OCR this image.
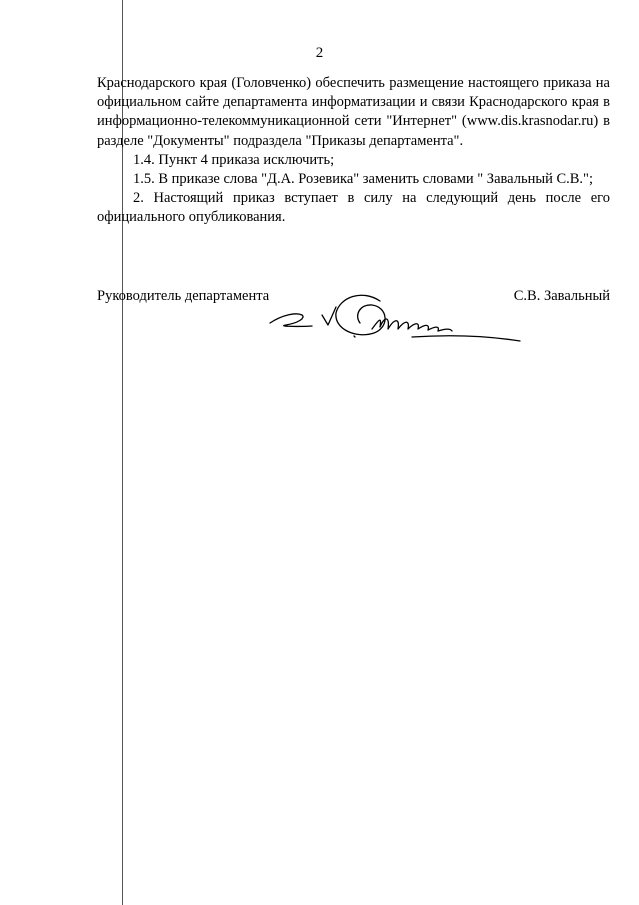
2

Краснодарского края (Головченко) обеспечить размещение настоящего приказа на официальном сайте департамента информатизации и связи Краснодарского края в информационно-телекоммуникационной сети "Интернет" (www.dis.krasnodar.ru) в разделе "Документы" подраздела "Приказы департамента".

1.4. Пункт 4 приказа исключить;

1.5. В приказе слова "Д.А. Розевика" заменить словами " Завальный С.В.";

2. Настоящий приказ вступает в силу на следующий день после его официального опубликования.

Руководитель департамента	С.В. Завальный
